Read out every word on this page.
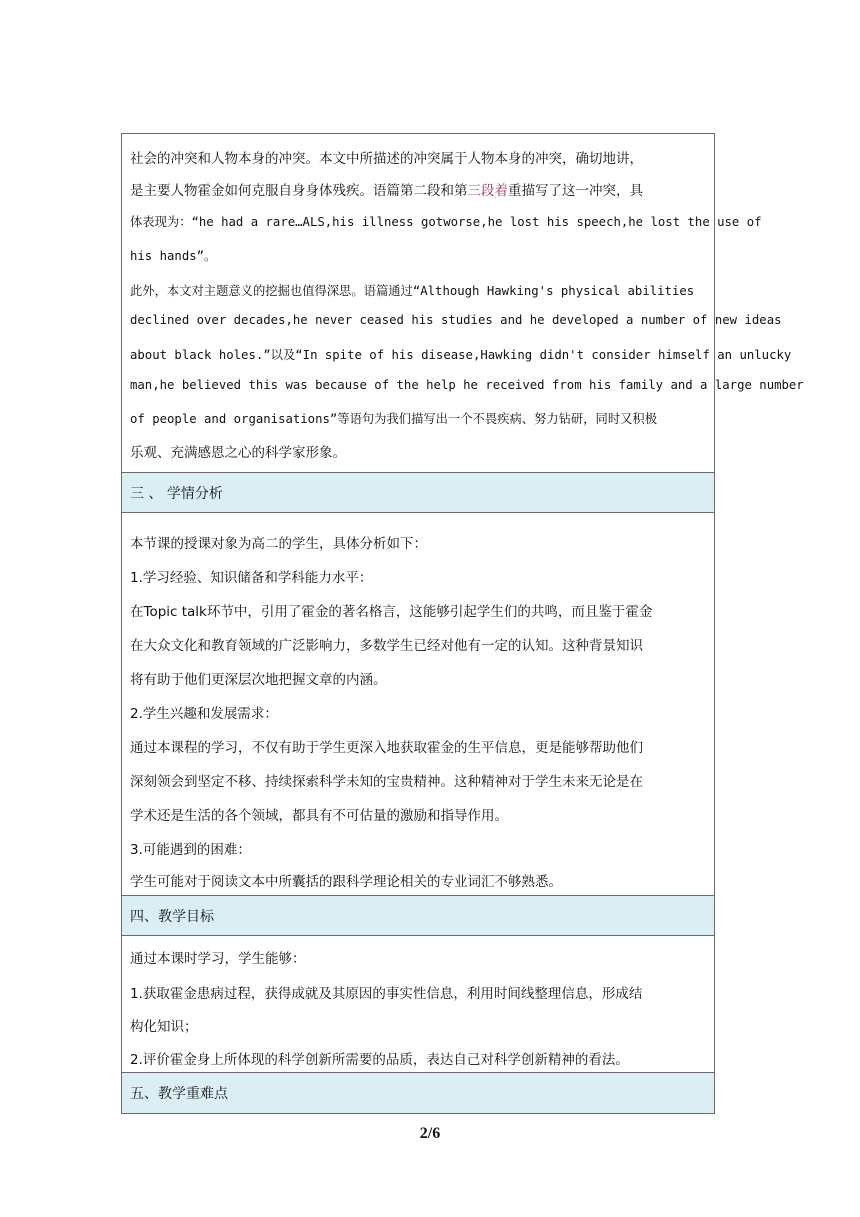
社会的冲突和人物本身的冲突。本文中所描述的冲突属于人物本身的冲突，确切地讲，
是主要人物霍金如何克服自身身体残疾。语篇第二段和第三段着重描写了这一冲突，具
体表现为：“he had a rare…ALS,his illness gotworse,he lost his speech,he lost the use of
his hands”。
此外，本文对主题意义的挖掘也值得深思。语篇通过“Although Hawking's physical abilities
declined over decades,he never ceased his studies and he developed a number of new ideas
about black holes.”以及“In spite of his disease,Hawking didn't consider himself an unlucky
man,he believed this was because of the help he received from his family and a large number
of people and organisations”等语句为我们描写出一个不畏疾病、努力钻研，同时又积极
乐观、充满感恩之心的科学家形象。
三 、 学情分析
本节课的授课对象为高二的学生，具体分析如下：
1.学习经验、知识储备和学科能力水平：
在Topic talk环节中，引用了霍金的著名格言，这能够引起学生们的共鸣，而且鉴于霍金
在大众文化和教育领域的广泛影响力，多数学生已经对他有一定的认知。这种背景知识
将有助于他们更深层次地把握文章的内涵。
2.学生兴趣和发展需求：
通过本课程的学习，不仅有助于学生更深入地获取霍金的生平信息，更是能够帮助他们
深刻领会到坚定不移、持续探索科学未知的宝贵精神。这种精神对于学生未来无论是在
学术还是生活的各个领域，都具有不可估量的激励和指导作用。
3.可能遇到的困难：
学生可能对于阅读文本中所囊括的跟科学理论相关的专业词汇不够熟悉。
四、教学目标
通过本课时学习，学生能够：
1.获取霍金患病过程，获得成就及其原因的事实性信息，利用时间线整理信息，形成结
构化知识；
2.评价霍金身上所体现的科学创新所需要的品质，表达自己对科学创新精神的看法。
五、教学重难点
2/6
